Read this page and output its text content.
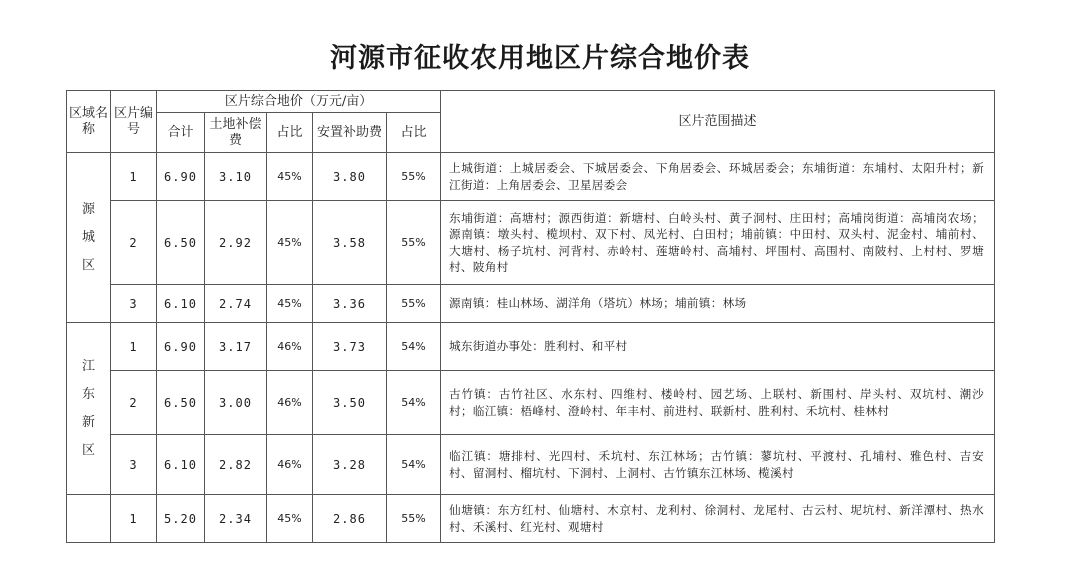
河源市征收农用地区片综合地价表
区域名称	区片编号	区片综合地价（万元/亩）					区片范围描述
		合计	土地补偿费	占比	安置补助费	占比	

源
城
区	1	6.90	3.10	45%	3.80	55%	上城街道：上城居委会、下城居委会、下角居委会、环城居委会；东埔街道：东埔村、太阳升村；新江街道：上角居委会、卫星居委会
	2	6.50	2.92	45%	3.58	55%	东埔街道：高塘村；源西街道：新塘村、白岭头村、黄子洞村、庄田村；高埔岗街道：高埔岗农场；源南镇：墩头村、榄坝村、双下村、凤光村、白田村；埔前镇：中田村、双头村、泥金村、埔前村、大塘村、杨子坑村、河背村、赤岭村、莲塘岭村、高埔村、坪围村、高围村、南陂村、上村村、罗塘村、陂角村
	3	6.10	2.74	45%	3.36	55%	源南镇：桂山林场、湖洋角（塔坑）林场；埔前镇：林场

江
东
新
区	1	6.90	3.17	46%	3.73	54%	城东街道办事处：胜利村、和平村
	2	6.50	3.00	46%	3.50	54%	古竹镇：古竹社区、水东村、四维村、楼岭村、园艺场、上联村、新围村、岸头村、双坑村、潮沙村；临江镇：梧峰村、澄岭村、年丰村、前进村、联新村、胜利村、禾坑村、桂林村
	3	6.10	2.82	46%	3.28	54%	临江镇：塘排村、光四村、禾坑村、东江林场；古竹镇：蓼坑村、平渡村、孔埔村、雅色村、吉安村、留洞村、榴坑村、下洞村、上洞村、古竹镇东江林场、榄溪村
	1	5.20	2.34	45%	2.86	55%	仙塘镇：东方红村、仙塘村、木京村、龙利村、徐洞村、龙尾村、古云村、坭坑村、新洋潭村、热水村、禾溪村、红光村、观塘村
